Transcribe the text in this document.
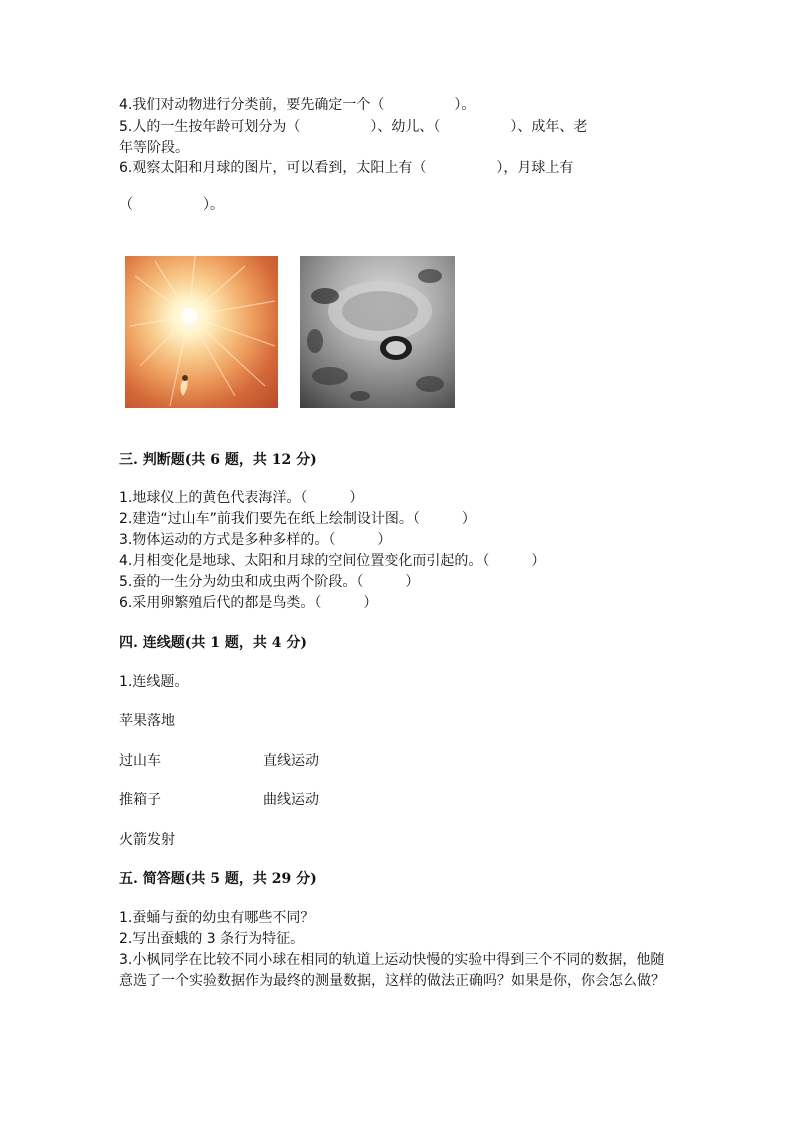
4.我们对动物进行分类前，要先确定一个（　　　　　）。
5.人的一生按年龄可划分为（　　　　　）、幼儿、（　　　　　）、成年、老
年等阶段。
6.观察太阳和月球的图片，可以看到，太阳上有（　　　　　），月球上有
（　　　　　）。
三. 判断题(共 6 题，共 12 分)
1.地球仪上的黄色代表海洋。（　　　）
2.建造“过山车”前我们要先在纸上绘制设计图。（　　　）
3.物体运动的方式是多种多样的。（　　　）
4.月相变化是地球、太阳和月球的空间位置变化而引起的。（　　　）
5.蚕的一生分为幼虫和成虫两个阶段。（　　　）
6.采用卵繁殖后代的都是鸟类。（　　　）
四. 连线题(共 1 题，共 4 分)
1.连线题。
苹果落地
过山车	直线运动
推箱子	曲线运动
火箭发射
五. 简答题(共 5 题，共 29 分)
1.蚕蛹与蚕的幼虫有哪些不同？
2.写出蚕蛾的 3 条行为特征。
3.小枫同学在比较不同小球在相同的轨道上运动快慢的实验中得到三个不同的数据，他随意选了一个实验数据作为最终的测量数据，这样的做法正确吗？如果是你，你会怎么做？
